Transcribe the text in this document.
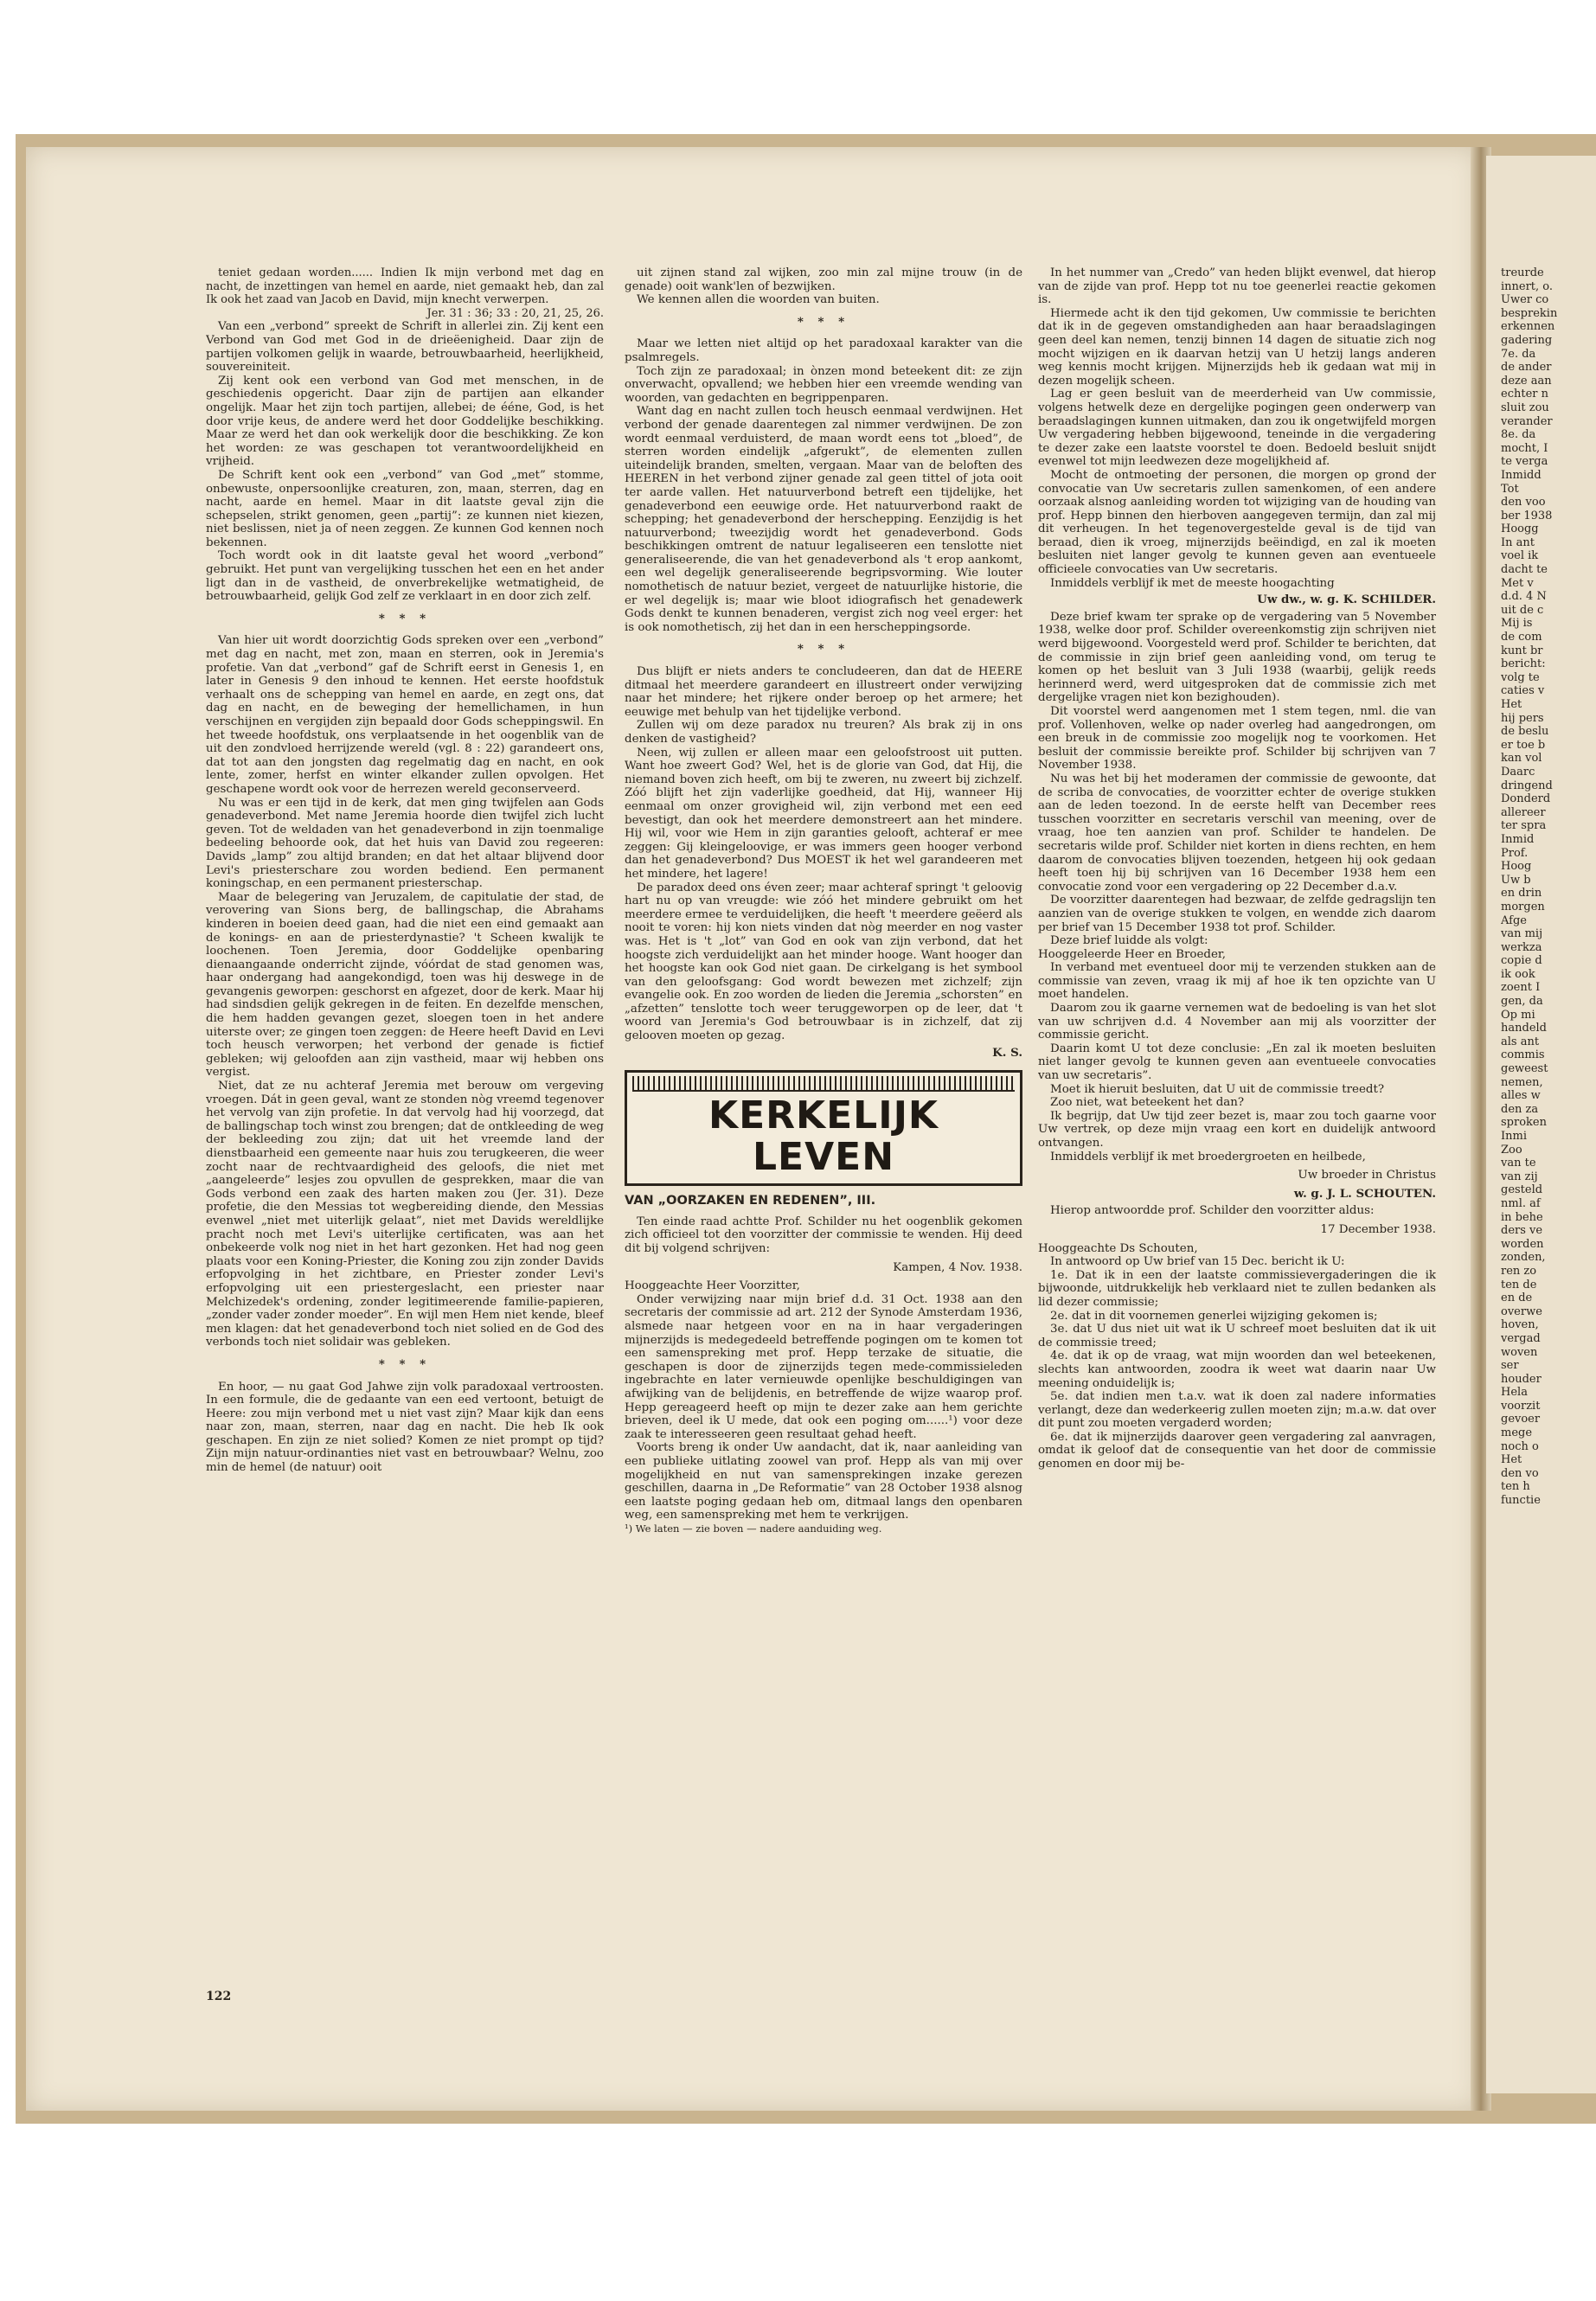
teniet gedaan worden...... Indien Ik mijn verbond met dag en nacht, de inzettingen van hemel en aarde, niet gemaakt heb, dan zal Ik ook het zaad van Jacob en David, mijn knecht verwerpen.

Jer. 31 : 36; 33 : 20, 21, 25, 26.

Van een „verbond” spreekt de Schrift in allerlei zin. Zij kent een Verbond van God met God in de drieëenigheid. Daar zijn de partijen volkomen gelijk in waarde, betrouwbaarheid, heerlijkheid, souvereiniteit.

Zij kent ook een verbond van God met menschen, in de geschiedenis opgericht. Daar zijn de partijen aan elkander ongelijk. Maar het zijn toch partijen, allebei; de ééne, God, is het door vrije keus, de andere werd het door Goddelijke beschikking. Maar ze werd het dan ook werkelijk door die beschikking. Ze kon het worden: ze was geschapen tot verantwoordelijkheid en vrijheid.

De Schrift kent ook een „verbond” van God „met” stomme, onbewuste, onpersoonlijke creaturen, zon, maan, sterren, dag en nacht, aarde en hemel. Maar in dit laatste geval zijn die schepselen, strikt genomen, geen „partij”: ze kunnen niet kiezen, niet beslissen, niet ja of neen zeggen. Ze kunnen God kennen noch bekennen.

Toch wordt ook in dit laatste geval het woord „verbond” gebruikt. Het punt van vergelijking tusschen het een en het ander ligt dan in de vastheid, de onverbrekelijke wetmatigheid, de betrouwbaarheid, gelijk God zelf ze verklaart in en door zich zelf.

* * *

Van hier uit wordt doorzichtig Gods spreken over een „verbond” met dag en nacht, met zon, maan en sterren, ook in Jeremia's profetie. Van dat „verbond” gaf de Schrift eerst in Genesis 1, en later in Genesis 9 den inhoud te kennen. Het eerste hoofdstuk verhaalt ons de schepping van hemel en aarde, en zegt ons, dat dag en nacht, en de beweging der hemellichamen, in hun verschijnen en vergijden zijn bepaald door Gods scheppingswil. En het tweede hoofdstuk, ons verplaatsende in het oogenblik van de uit den zondvloed herrijzende wereld (vgl. 8 : 22) garandeert ons, dat tot aan den jongsten dag regelmatig dag en nacht, en ook lente, zomer, herfst en winter elkander zullen opvolgen. Het geschapene wordt ook voor de herrezen wereld geconserveerd.

Nu was er een tijd in de kerk, dat men ging twijfelen aan Gods genadeverbond. Met name Jeremia hoorde dien twijfel zich lucht geven. Tot de weldaden van het genadeverbond in zijn toenmalige bedeeling behoorde ook, dat het huis van David zou regeeren: Davids „lamp” zou altijd branden; en dat het altaar blijvend door Levi's priesterschare zou worden bediend. Een permanent koningschap, en een permanent priesterschap.

Maar de belegering van Jeruzalem, de capitulatie der stad, de verovering van Sions berg, de ballingschap, die Abrahams kinderen in boeien deed gaan, had die niet een eind gemaakt aan de konings- en aan de priesterdynastie? 't Scheen kwalijk te loochenen. Toen Jeremia, door Goddelijke openbaring dienaangaande onderricht zijnde, vóórdat de stad genomen was, haar ondergang had aangekondigd, toen was hij deswege in de gevangenis geworpen: geschorst en afgezet, door de kerk. Maar hij had sindsdien gelijk gekregen in de feiten. En dezelfde menschen, die hem hadden gevangen gezet, sloegen toen in het andere uiterste over; ze gingen toen zeggen: de Heere heeft David en Levi toch heusch verworpen; het verbond der genade is fictief gebleken; wij geloofden aan zijn vastheid, maar wij hebben ons vergist.

Niet, dat ze nu achteraf Jeremia met berouw om vergeving vroegen. Dát in geen geval, want ze stonden nòg vreemd tegenover het vervolg van zijn profetie. In dat vervolg had hij voorzegd, dat de ballingschap toch winst zou brengen; dat de ontkleeding de weg der bekleeding zou zijn; dat uit het vreemde land der dienstbaarheid een gemeente naar huis zou terugkeeren, die weer zocht naar de rechtvaardigheid des geloofs, die niet met „aangeleerde” lesjes zou opvullen de gesprekken, maar die van Gods verbond een zaak des harten maken zou (Jer. 31). Deze profetie, die den Messias tot wegbereiding diende, den Messias evenwel „niet met uiterlijk gelaat”, niet met Davids wereldlijke pracht noch met Levi's uiterlijke certificaten, was aan het onbekeerde volk nog niet in het hart gezonken. Het had nog geen plaats voor een Koning-Priester, die Koning zou zijn zonder Davids erfopvolging in het zichtbare, en Priester zonder Levi's erfopvolging uit een priestergeslacht, een priester naar Melchizedek's ordening, zonder legitimeerende familie-papieren, „zonder vader zonder moeder”. En wijl men Hem niet kende, bleef men klagen: dat het genadeverbond toch niet solied en de God des verbonds toch niet solidair was gebleken.

* * *

En hoor, — nu gaat God Jahwe zijn volk paradoxaal vertroosten. In een formule, die de gedaante van een eed vertoont, betuigt de Heere: zou mijn verbond met u niet vast zijn? Maar kijk dan eens naar zon, maan, sterren, naar dag en nacht. Die heb Ik ook geschapen. En zijn ze niet solied? Komen ze niet prompt op tijd? Zijn mijn natuur-ordinanties niet vast en betrouwbaar? Welnu, zoo min de hemel (de natuur) ooit

uit zijnen stand zal wijken, zoo min zal mijne trouw (in de genade) ooit wank'len of bezwijken.

We kennen allen die woorden van buiten.

* * *

Maar we letten niet altijd op het paradoxaal karakter van die psalmregels.

Toch zijn ze paradoxaal; in ònzen mond beteekent dit: ze zijn onverwacht, opvallend; we hebben hier een vreemde wending van woorden, van gedachten en begrippenparen.

Want dag en nacht zullen toch heusch eenmaal verdwijnen. Het verbond der genade daarentegen zal nimmer verdwijnen. De zon wordt eenmaal verduisterd, de maan wordt eens tot „bloed”, de sterren worden eindelijk „afgerukt”, de elementen zullen uiteindelijk branden, smelten, vergaan. Maar van de beloften des HEEREN in het verbond zijner genade zal geen tittel of jota ooit ter aarde vallen. Het natuurverbond betreft een tijdelijke, het genadeverbond een eeuwige orde. Het natuurverbond raakt de schepping; het genadeverbond der herschepping. Eenzijdig is het natuurverbond; tweezijdig wordt het genadeverbond. Gods beschikkingen omtrent de natuur legaliseeren een tenslotte niet generaliseerende, die van het genadeverbond als 't erop aankomt, een wel degelijk generaliseerende begripsvorming. Wie louter nomothetisch de natuur beziet, vergeet de natuurlijke historie, die er wel degelijk is; maar wie bloot idiografisch het genadewerk Gods denkt te kunnen benaderen, vergist zich nog veel erger: het is ook nomothetisch, zij het dan in een herscheppingsorde.

* * *

Dus blijft er niets anders te concludeeren, dan dat de HEERE ditmaal het meerdere garandeert en illustreert onder verwijzing naar het mindere; het rijkere onder beroep op het armere; het eeuwige met behulp van het tijdelijke verbond.

Zullen wij om deze paradox nu treuren? Als brak zij in ons denken de vastigheid?

Neen, wij zullen er alleen maar een geloofstroost uit putten. Want hoe zweert God? Wel, het is de glorie van God, dat Hij, die niemand boven zich heeft, om bij te zweren, nu zweert bij zichzelf. Zóó blijft het zijn vaderlijke goedheid, dat Hij, wanneer Hij eenmaal om onzer grovigheid wil, zijn verbond met een eed bevestigt, dan ook het meerdere demonstreert aan het mindere. Hij wil, voor wie Hem in zijn garanties gelooft, achteraf er mee zeggen: Gij kleingeloovige, er was immers geen hooger verbond dan het genadeverbond? Dus MOEST ik het wel garandeeren met het mindere, het lagere!

De paradox deed ons éven zeer; maar achteraf springt 't geloovig hart nu op van vreugde: wie zóó het mindere gebruikt om het meerdere ermee te verduidelijken, die heeft 't meerdere geëerd als nooit te voren: hij kon niets vinden dat nòg meerder en nog vaster was. Het is 't „lot” van God en ook van zijn verbond, dat het hoogste zich verduidelijkt aan het minder hooge. Want hooger dan het hoogste kan ook God niet gaan. De cirkelgang is het symbool van den geloofsgang: God wordt bewezen met zichzelf; zijn evangelie ook. En zoo worden de lieden die Jeremia „schorsten” en „afzetten” tenslotte toch weer teruggeworpen op de leer, dat 't woord van Jeremia's God betrouwbaar is in zichzelf, dat zij gelooven moeten op gezag.

K. S.
KERKELIJK LEVEN
VAN „OORZAKEN EN REDENEN”, III.

Ten einde raad achtte Prof. Schilder nu het oogenblik gekomen zich officieel tot den voorzitter der commissie te wenden. Hij deed dit bij volgend schrijven:

Kampen, 4 Nov. 1938.

Hooggeachte Heer Voorzitter,

Onder verwijzing naar mijn brief d.d. 31 Oct. 1938 aan den secretaris der commissie ad art. 212 der Synode Amsterdam 1936, alsmede naar hetgeen voor en na in haar vergaderingen mijnerzijds is medegedeeld betreffende pogingen om te komen tot een samenspreking met prof. Hepp terzake de situatie, die geschapen is door de zijnerzijds tegen mede-commissieleden ingebrachte en later vernieuwde openlijke beschuldigingen van afwijking van de belijdenis, en betreffende de wijze waarop prof. Hepp gereageerd heeft op mijn te dezer zake aan hem gerichte brieven, deel ik U mede, dat ook een poging om......¹) voor deze zaak te interesseeren geen resultaat gehad heeft.

Voorts breng ik onder Uw aandacht, dat ik, naar aanleiding van een publieke uitlating zoowel van prof. Hepp als van mij over mogelijkheid en nut van samensprekingen inzake gerezen geschillen, daarna in „De Reformatie” van 28 October 1938 alsnog een laatste poging gedaan heb om, ditmaal langs den openbaren weg, een samenspreking met hem te verkrijgen.

¹) We laten — zie boven — nadere aanduiding weg.

In het nummer van „Credo” van heden blijkt evenwel, dat hierop van de zijde van prof. Hepp tot nu toe geenerlei reactie gekomen is.

Hiermede acht ik den tijd gekomen, Uw commissie te berichten dat ik in de gegeven omstandigheden aan haar beraadslagingen geen deel kan nemen, tenzij binnen 14 dagen de situatie zich nog mocht wijzigen en ik daarvan hetzij van U hetzij langs anderen weg kennis mocht krijgen. Mijnerzijds heb ik gedaan wat mij in dezen mogelijk scheen.

Lag er geen besluit van de meerderheid van Uw commissie, volgens hetwelk deze en dergelijke pogingen geen onderwerp van beraadslagingen kunnen uitmaken, dan zou ik ongetwijfeld morgen Uw vergadering hebben bijgewoond, teneinde in die vergadering te dezer zake een laatste voorstel te doen. Bedoeld besluit snijdt evenwel tot mijn leedwezen deze mogelijkheid af.

Mocht de ontmoeting der personen, die morgen op grond der convocatie van Uw secretaris zullen samenkomen, of een andere oorzaak alsnog aanleiding worden tot wijziging van de houding van prof. Hepp binnen den hierboven aangegeven termijn, dan zal mij dit verheugen. In het tegenovergestelde geval is de tijd van beraad, dien ik vroeg, mijnerzijds beëindigd, en zal ik moeten besluiten niet langer gevolg te kunnen geven aan eventueele officieele convocaties van Uw secretaris.

Inmiddels verblijf ik met de meeste hoogachting

Uw dw., w. g. K. SCHILDER.

Deze brief kwam ter sprake op de vergadering van 5 November 1938, welke door prof. Schilder overeenkomstig zijn schrijven niet werd bijgewoond. Voorgesteld werd prof. Schilder te berichten, dat de commissie in zijn brief geen aanleiding vond, om terug te komen op het besluit van 3 Juli 1938 (waarbij, gelijk reeds herinnerd werd, werd uitgesproken dat de commissie zich met dergelijke vragen niet kon bezighouden).

Dit voorstel werd aangenomen met 1 stem tegen, nml. die van prof. Vollenhoven, welke op nader overleg had aangedrongen, om een breuk in de commissie zoo mogelijk nog te voorkomen. Het besluit der commissie bereikte prof. Schilder bij schrijven van 7 November 1938.

Nu was het bij het moderamen der commissie de gewoonte, dat de scriba de convocaties, de voorzitter echter de overige stukken aan de leden toezond. In de eerste helft van December rees tusschen voorzitter en secretaris verschil van meening, over de vraag, hoe ten aanzien van prof. Schilder te handelen. De secretaris wilde prof. Schilder niet korten in diens rechten, en hem daarom de convocaties blijven toezenden, hetgeen hij ook gedaan heeft toen hij bij schrijven van 16 December 1938 hem een convocatie zond voor een vergadering op 22 December d.a.v.

De voorzitter daarentegen had bezwaar, de zelfde gedragslijn ten aanzien van de overige stukken te volgen, en wendde zich daarom per brief van 15 December 1938 tot prof. Schilder.

Deze brief luidde als volgt:

Hooggeleerde Heer en Broeder,

In verband met eventueel door mij te verzenden stukken aan de commissie van zeven, vraag ik mij af hoe ik ten opzichte van U moet handelen.

Daarom zou ik gaarne vernemen wat de bedoeling is van het slot van uw schrijven d.d. 4 November aan mij als voorzitter der commissie gericht.

Daarin komt U tot deze conclusie: „En zal ik moeten besluiten niet langer gevolg te kunnen geven aan eventueele convocaties van uw secretaris”.

Moet ik hieruit besluiten, dat U uit de commissie treedt?

Zoo niet, wat beteekent het dan?

Ik begrijp, dat Uw tijd zeer bezet is, maar zou toch gaarne voor Uw vertrek, op deze mijn vraag een kort en duidelijk antwoord ontvangen.

Inmiddels verblijf ik met broedergroeten en heilbede,

Uw broeder in Christus
w. g. J. L. SCHOUTEN.

Hierop antwoordde prof. Schilder den voorzitter aldus:

17 December 1938.

Hooggeachte Ds Schouten,

In antwoord op Uw brief van 15 Dec. bericht ik U:

1e. Dat ik in een der laatste commissievergaderingen die ik bijwoonde, uitdrukkelijk heb verklaard niet te zullen bedanken als lid dezer commissie;

2e. dat in dit voornemen generlei wijziging gekomen is;

3e. dat U dus niet uit wat ik U schreef moet besluiten dat ik uit de commissie treed;

4e. dat ik op de vraag, wat mijn woorden dan wel beteekenen, slechts kan antwoorden, zoodra ik weet wat daarin naar Uw meening onduidelijk is;

5e. dat indien men t.a.v. wat ik doen zal nadere informaties verlangt, deze dan wederkeerig zullen moeten zijn; m.a.w. dat over dit punt zou moeten vergaderd worden;

6e. dat ik mijnerzijds daarover geen vergadering zal aanvragen, omdat ik geloof dat de consequentie van het door de commissie genomen en door mij be-

122
treurde
innert, o.
Uwer co
besprekin
erkennen
gadering
7e. da
de ander
deze aan
echter n
sluit zou
verander
8e. da
mocht, I
te verga
Inmidd
Tot
den voo
ber 1938
Hoogg
In ant
voel ik
dacht te
Met v
d.d. 4 N
uit de c
Mij is
de com
kunt br
bericht:
volg te
caties v
Het
hij pers
de beslu
er toe b
kan vol
Daarc
dringend
Donderd
allereer
ter spra
Inmid
Prof.
Hoog
Uw b
en drin
morgen
Afge
van mij
werkza
copie d
ik ook
zoent I
gen, da
Op mi
handeld
als ant
commis
geweest
nemen,
alles w
den za
sproken
Inmi
Zoo
van te
van zij
gesteld
nml. af
in behe
ders ve
worden
zonden,
ren zo
ten de
en de
overwe
hoven,
vergad
woven
ser
houder
Hela
voorzit
gevoer
mege
noch o
Het
den vo
ten h
functie
